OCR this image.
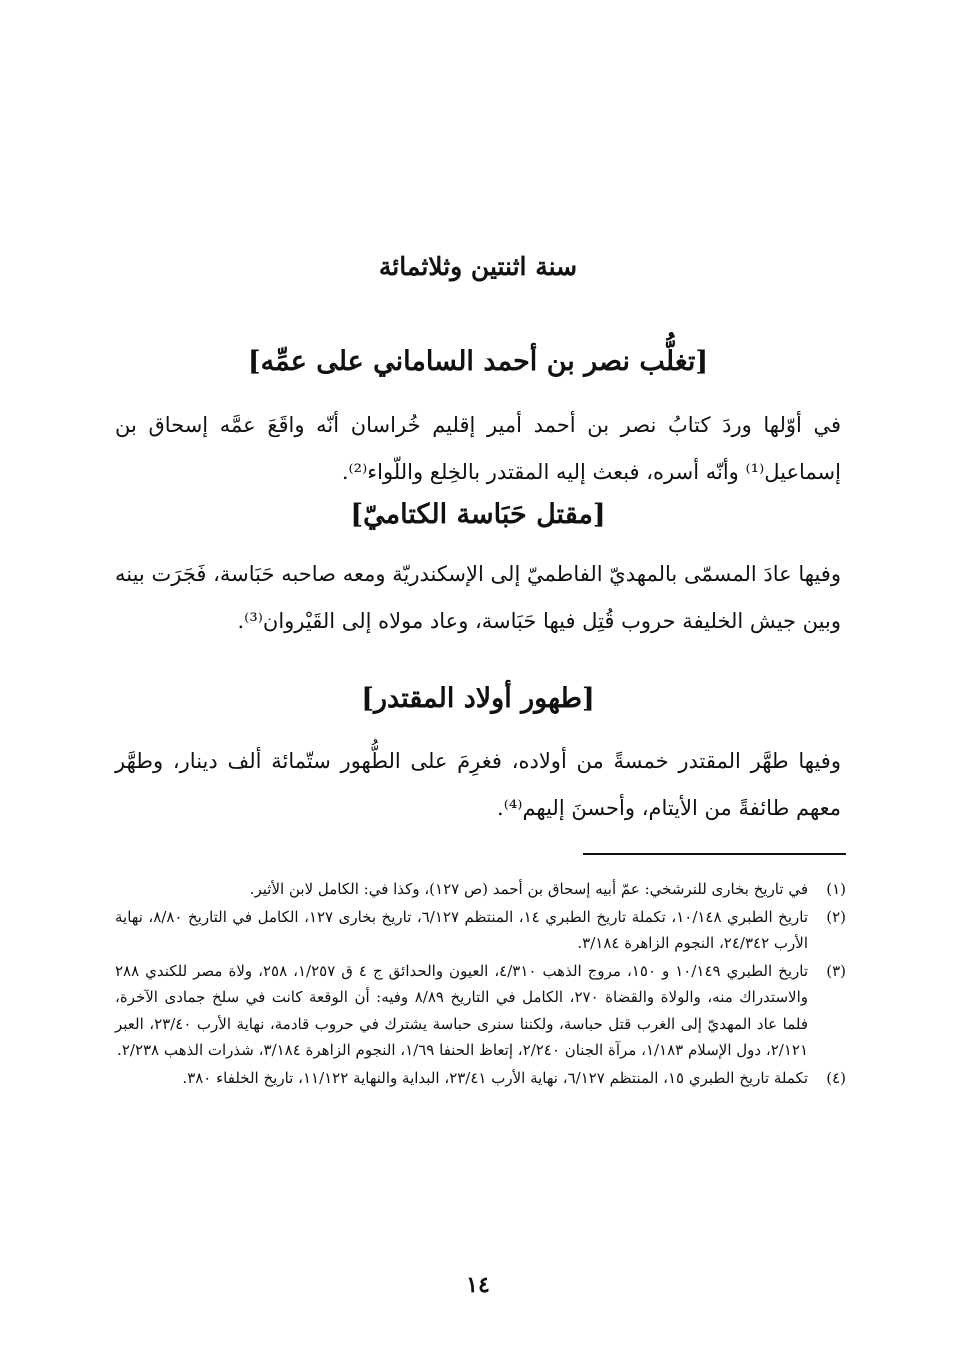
سنة اثنتين وثلاثمائة
[تغلُّب نصر بن أحمد الساماني على عمِّه]
في أوّلها وردَ كتابُ نصر بن أحمد أمير إقليم خُراسان أنّه واقَعَ عمَّه إسحاق بن إسماعيل⁽¹⁾ وأنّه أسره، فبعث إليه المقتدر بالخِلع واللّواء⁽²⁾.
[مقتل حَبَاسة الكتاميّ]
وفيها عادَ المسمّى بالمهديّ الفاطميّ إلى الإسكندريّة ومعه صاحبه حَبَاسة، فَجَرَت بينه وبين جيش الخليفة حروب قُتِل فيها حَبَاسة، وعاد مولاه إلى القَيْروان⁽³⁾.
[طهور أولاد المقتدر]
وفيها طهَّر المقتدر خمسةً من أولاده، فغرِمَ على الطُّهور ستّمائة ألف دينار، وطهَّر معهم طائفةً من الأيتام، وأحسنَ إليهم⁽⁴⁾.
(١)
في تاريخ بخارى للنرشخي: عمّ أبيه إسحاق بن أحمد (ص ١٢٧)، وكذا في: الكامل لابن الأثير.
(٢)
تاريخ الطبري ١٠/١٤٨، تكملة تاريخ الطبري ١٤، المنتظم ٦/١٢٧، تاريخ بخارى ١٢٧، الكامل في التاريخ ٨/٨٠، نهاية الأرب ٢٤/٣٤٢، النجوم الزاهرة ٣/١٨٤.
(٣)
تاريخ الطبري ١٠/١٤٩ و ١٥٠، مروج الذهب ٤/٣١٠، العيون والحدائق ج ٤ ق ١/٢٥٧، ٢٥٨، ولاة مصر للكندي ٢٨٨ والاستدراك منه، والولاة والقضاة ٢٧٠، الكامل في التاريخ ٨/٨٩ وفيه: أن الوقعة كانت في سلخ جمادى الآخرة، فلما عاد المهديّ إلى الغرب قتل حباسة، ولكننا سنرى حباسة يشترك في حروب قادمة، نهاية الأرب ٢٣/٤٠، العبر ٢/١٢١، دول الإسلام ١/١٨٣، مرآة الجنان ٢/٢٤٠، إتعاظ الحنفا ١/٦٩، النجوم الزاهرة ٣/١٨٤، شذرات الذهب ٢/٢٣٨.
(٤)
تكملة تاريخ الطبري ١٥، المنتظم ٦/١٢٧، نهاية الأرب ٢٣/٤١، البداية والنهاية ١١/١٢٢، تاريخ الخلفاء ٣٨٠.
١٤
